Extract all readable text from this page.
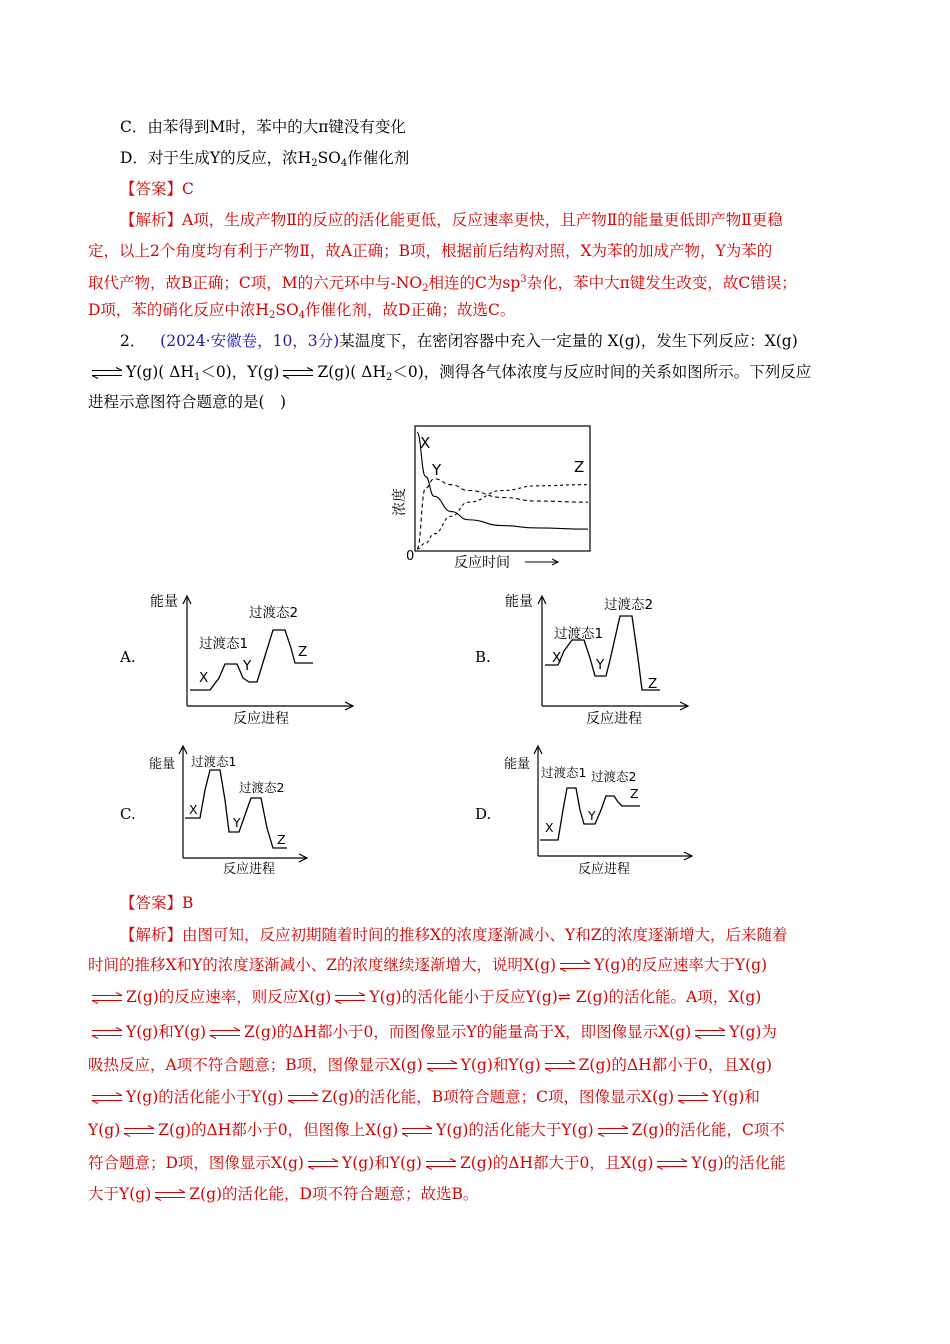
C．由苯得到M时，苯中的大π键没有变化
D．对于生成Y的反应，浓$H_2SO_4$作催化剂
【答案】C
【解析】A项，生成产物Ⅱ的反应的活化能更低，反应速率更快，且产物Ⅱ的能量更低即产物Ⅱ更稳
定，以上2个角度均有利于产物Ⅱ，故A正确；B项，根据前后结构对照，X为苯的加成产物，Y为苯的
取代产物，故B正确；C项，M的六元环中与$-NO_2$相连的C为$sp^3$杂化，苯中大π键发生改变，故C错误；
D项，苯的硝化反应中浓$H_2SO_4$作催化剂，故D正确；故选C。
2． (2024·安徽卷，10，3分)某温度下，在密闭容器中充入一定量的 X(g)，发生下列反应：X(g)
Y(g)( $\Delta H_1<0$)，Y(g) Z(g)( $\Delta H_2<0$)，测得各气体浓度与反应时间的关系如图所示。下列反应
进程示意图符合题意的是(　)
X
Y	Z
浓度
0	反应时间
A.
能量
过渡态1
过渡态2
X
Y
Z
反应进程
B.
能量
过渡态1
过渡态2
X	Y
Z
反应进程
C.
能量 过渡态1
过渡态2
X
Y
Z
反应进程
D.
能量
过渡态1 过渡态2
X
Y
Z
反应进程
【答案】B
【解析】由图可知，反应初期随着时间的推移X的浓度逐渐减小、Y和Z的浓度逐渐增大，后来随着
时间的推移X和Y的浓度逐渐减小、Z的浓度继续逐渐增大，说明X(g) Y(g)的反应速率大于Y(g)
Z(g)的反应速率，则反应X(g) Y(g)的活化能小于反应Y(g)⇌ Z(g)的活化能。A项，X(g)
Y(g)和Y(g) Z(g)的ΔH都小于0，而图像显示Y的能量高于X，即图像显示X(g) Y(g)为
吸热反应，A项不符合题意；B项，图像显示X(g) Y(g)和Y(g) Z(g)的ΔH都小于0，且X(g)
Y(g)的活化能小于Y(g) Z(g)的活化能，B项符合题意；C项，图像显示X(g) Y(g)和
Y(g) Z(g)的ΔH都小于0，但图像上X(g) Y(g)的活化能大于Y(g) Z(g)的活化能，C项不
符合题意；D项，图像显示X(g) Y(g)和Y(g) Z(g)的ΔH都大于0，且X(g) Y(g)的活化能
大于Y(g) Z(g)的活化能，D项不符合题意；故选B。
